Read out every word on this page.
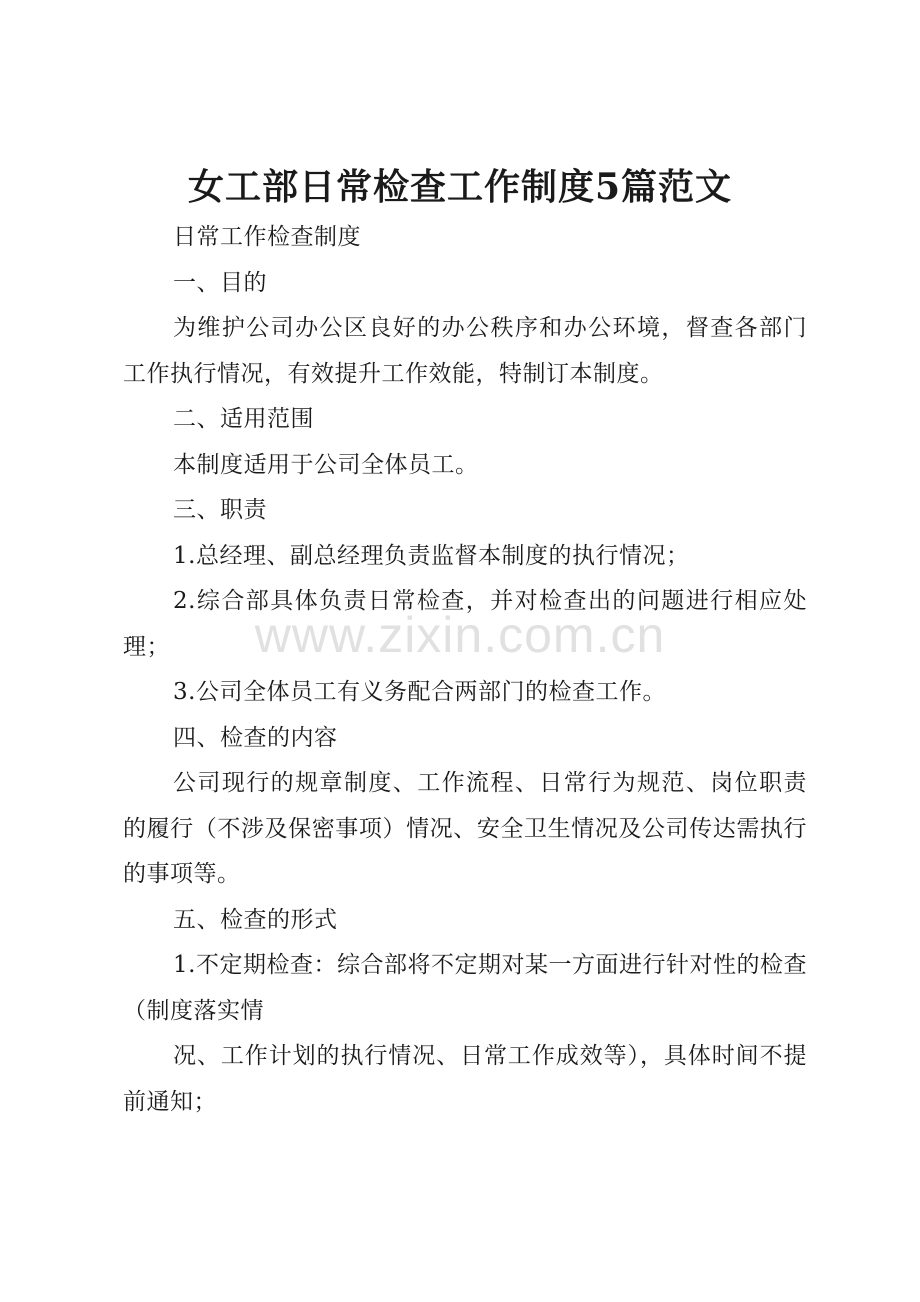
女工部日常检查工作制度5篇范文

日常工作检查制度

一、目的

为维护公司办公区良好的办公秩序和办公环境，督查各部门工作执行情况，有效提升工作效能，特制订本制度。

二、适用范围

本制度适用于公司全体员工。

三、职责

1.总经理、副总经理负责监督本制度的执行情况；

2.综合部具体负责日常检查，并对检查出的问题进行相应处理；

3.公司全体员工有义务配合两部门的检查工作。

四、检查的内容

公司现行的规章制度、工作流程、日常行为规范、岗位职责的履行（不涉及保密事项）情况、安全卫生情况及公司传达需执行的事项等。

五、检查的形式

1.不定期检查：综合部将不定期对某一方面进行针对性的检查（制度落实情

况、工作计划的执行情况、日常工作成效等），具体时间不提前通知；

www.zixin.com.cn
